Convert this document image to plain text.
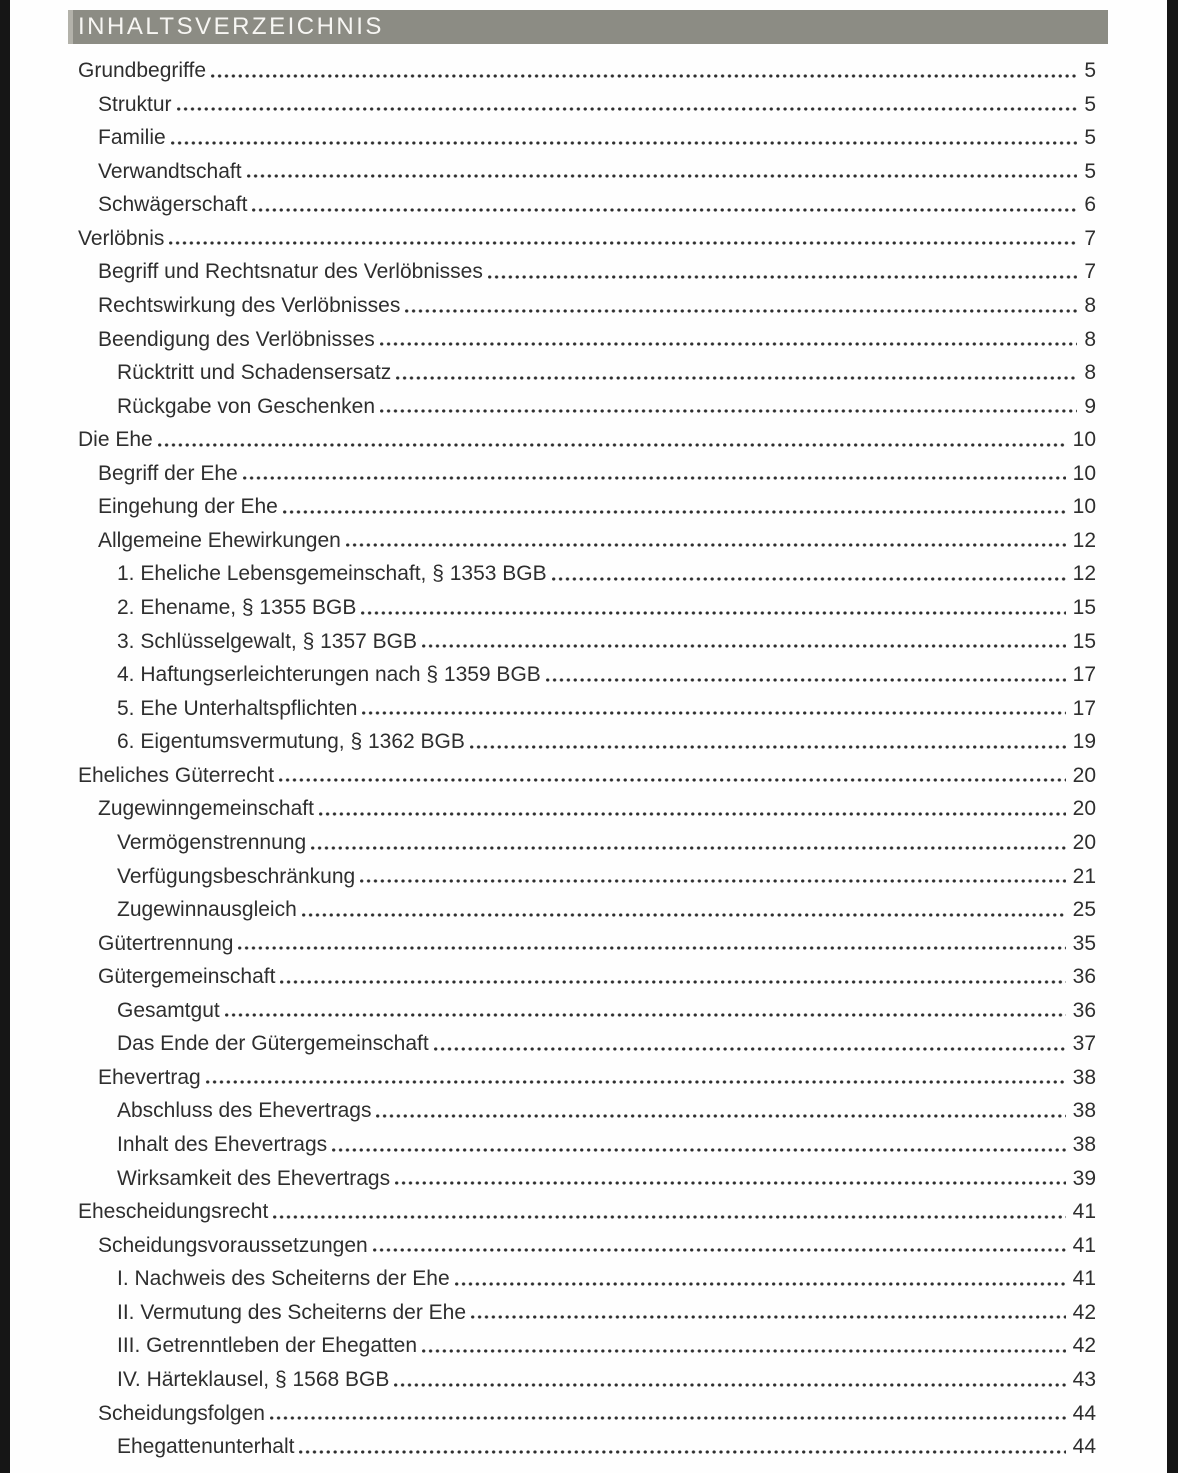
INHALTSVERZEICHNIS
Grundbegriffe	5
Struktur	5
Familie	5
Verwandtschaft	5
Schwägerschaft	6
Verlöbnis	7
Begriff und Rechtsnatur des Verlöbnisses	7
Rechtswirkung des Verlöbnisses	8
Beendigung des Verlöbnisses	8
Rücktritt und Schadensersatz	8
Rückgabe von Geschenken	9
Die Ehe	10
Begriff der Ehe	10
Eingehung der Ehe	10
Allgemeine Ehewirkungen	12
1. Eheliche Lebensgemeinschaft, § 1353 BGB	12
2. Ehename, § 1355 BGB	15
3. Schlüsselgewalt, § 1357 BGB	15
4. Haftungserleichterungen nach § 1359 BGB	17
5. Ehe Unterhaltspflichten	17
6. Eigentumsvermutung, § 1362 BGB	19
Eheliches Güterrecht	20
Zugewinngemeinschaft	20
Vermögenstrennung	20
Verfügungsbeschränkung	21
Zugewinnausgleich	25
Gütertrennung	35
Gütergemeinschaft	36
Gesamtgut	36
Das Ende der Gütergemeinschaft	37
Ehevertrag	38
Abschluss des Ehevertrags	38
Inhalt des Ehevertrags	38
Wirksamkeit des Ehevertrags	39
Ehescheidungsrecht	41
Scheidungsvoraussetzungen	41
I. Nachweis des Scheiterns der Ehe	41
II. Vermutung des Scheiterns der Ehe	42
III. Getrenntleben der Ehegatten	42
IV. Härteklausel, § 1568 BGB	43
Scheidungsfolgen	44
Ehegattenunterhalt	44
